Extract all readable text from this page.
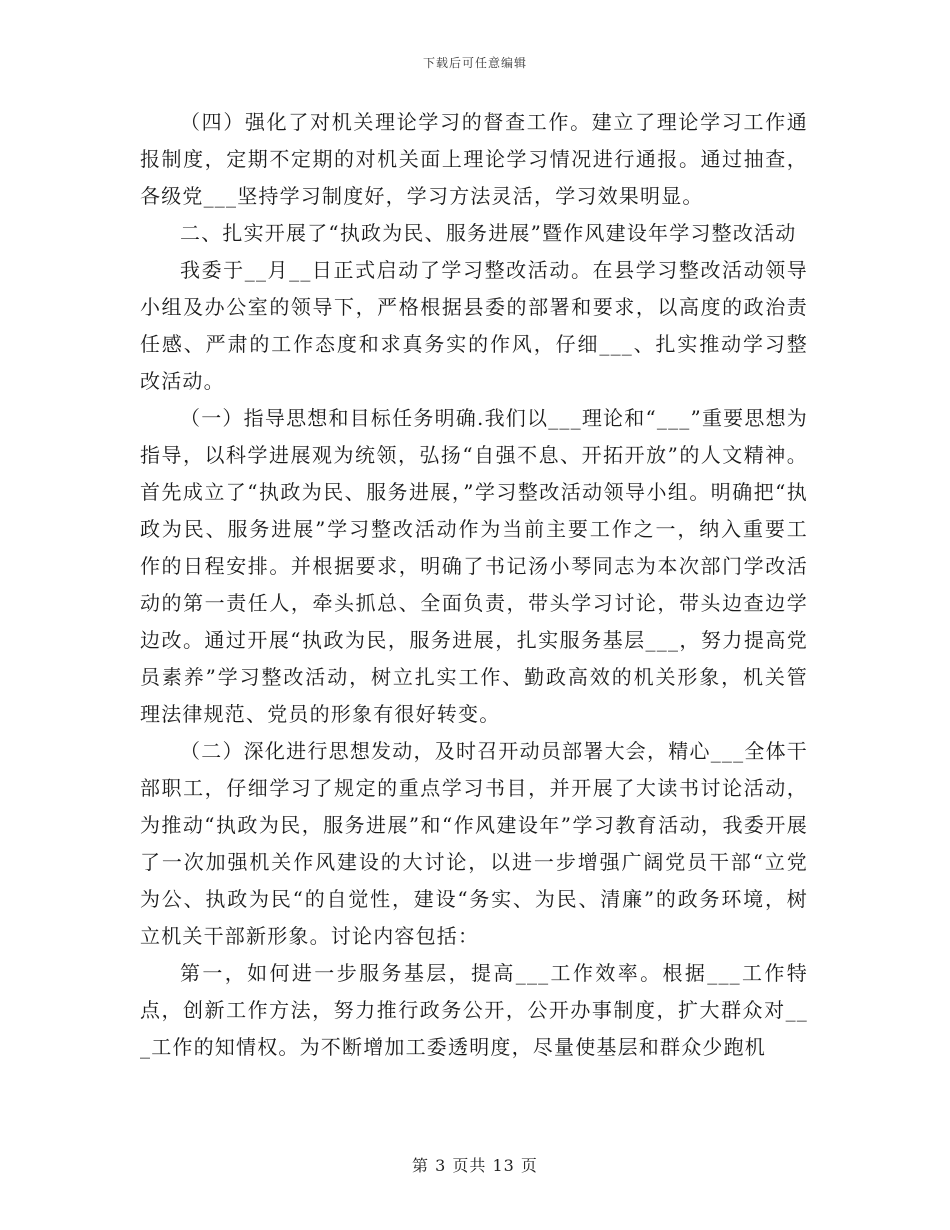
下载后可任意编辑

（四）强化了对机关理论学习的督查工作。建立了理论学习工作通报制度，定期不定期的对机关面上理论学习情况进行通报。通过抽查，各级党___坚持学习制度好，学习方法灵活，学习效果明显。

二、扎实开展了“执政为民、服务进展”暨作风建设年学习整改活动

我委于__月__日正式启动了学习整改活动。在县学习整改活动领导小组及办公室的领导下，严格根据县委的部署和要求，以高度的政治责任感、严肃的工作态度和求真务实的作风，仔细___、扎实推动学习整改活动。

（一）指导思想和目标任务明确.我们以___理论和“___”重要思想为指导，以科学进展观为统领，弘扬“自强不息、开拓开放”的人文精神。首先成立了“执政为民、服务进展，”学习整改活动领导小组。明确把“执政为民、服务进展”学习整改活动作为当前主要工作之一，纳入重要工作的日程安排。并根据要求，明确了书记汤小琴同志为本次部门学改活动的第一责任人，牵头抓总、全面负责，带头学习讨论，带头边查边学边改。通过开展“执政为民，服务进展，扎实服务基层___，努力提高党员素养”学习整改活动，树立扎实工作、勤政高效的机关形象，机关管理法律规范、党员的形象有很好转变。

（二）深化进行思想发动，及时召开动员部署大会，精心___全体干部职工，仔细学习了规定的重点学习书目，并开展了大读书讨论活动，为推动“执政为民，服务进展”和“作风建设年”学习教育活动，我委开展了一次加强机关作风建设的大讨论，以进一步增强广阔党员干部“立党为公、执政为民“的自觉性，建设“务实、为民、清廉”的政务环境，树立机关干部新形象。讨论内容包括：

第一，如何进一步服务基层，提高___工作效率。根据___工作特点，创新工作方法，努力推行政务公开，公开办事制度，扩大群众对___工作的知情权。为不断增加工委透明度，尽量使基层和群众少跑机

第 3 页共 13 页
